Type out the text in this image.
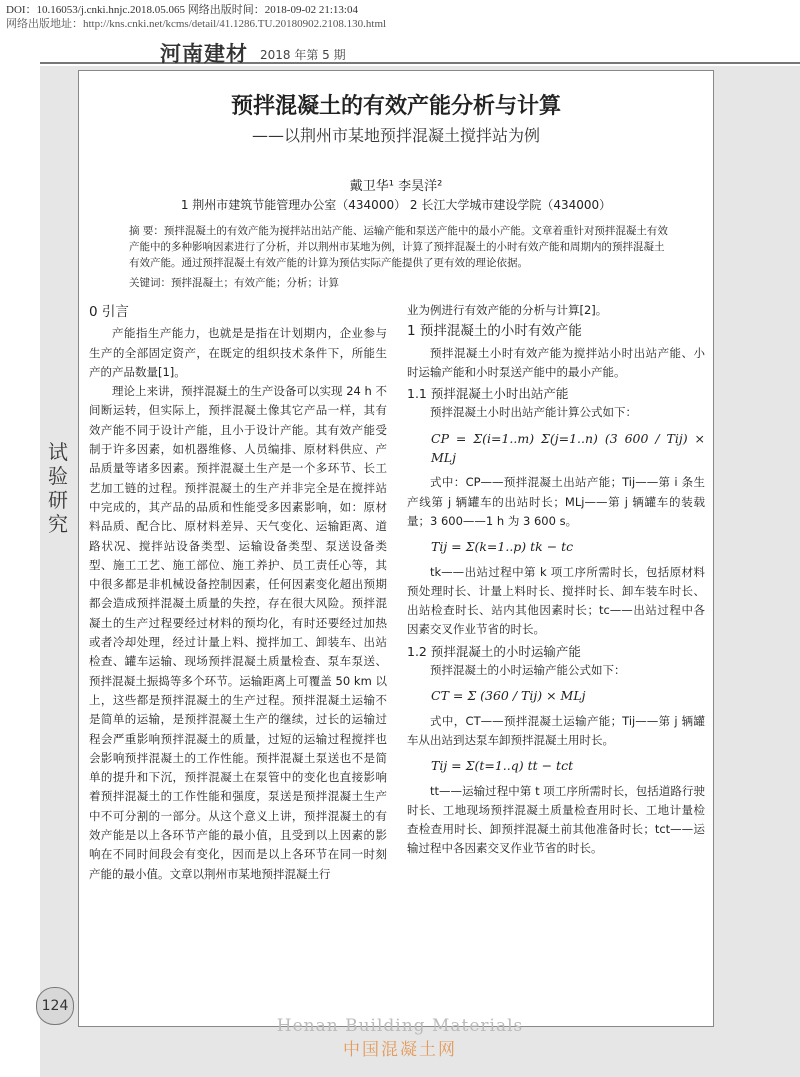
DOI：10.16053/j.cnki.hnjc.2018.05.065 网络出版时间：2018-09-02 21:13:04
网络出版地址：http://kns.cnki.net/kcms/detail/41.1286.TU.20180902.2108.130.html
河南建材 2018 年第 5 期
试验研究
预拌混凝土的有效产能分析与计算
——以荆州市某地预拌混凝土搅拌站为例
戴卫华¹ 李昊洋²
1 荆州市建筑节能管理办公室（434000） 2 长江大学城市建设学院（434000）
摘 要：预拌混凝土的有效产能为搅拌站出站产能、运输产能和泵送产能中的最小产能。文章着重针对预拌混凝土有效产能中的多种影响因素进行了分析，并以荆州市某地为例，计算了预拌混凝土的小时有效产能和周期内的预拌混凝土有效产能。通过预拌混凝土有效产能的计算为预估实际产能提供了更有效的理论依据。
关键词：预拌混凝土；有效产能；分析；计算
0 引言

产能指生产能力，也就是是指在计划期内，企业参与生产的全部固定资产，在既定的组织技术条件下，所能生产的产品数量[1]。

理论上来讲，预拌混凝土的生产设备可以实现 24 h 不间断运转，但实际上，预拌混凝土像其它产品一样，其有效产能不同于设计产能，且小于设计产能。其有效产能受制于许多因素，如机器维修、人员编排、原材料供应、产品质量等诸多因素。预拌混凝土生产是一个多环节、长工艺加工链的过程。预拌混凝土的生产并非完全是在搅拌站中完成的，其产品的品质和性能受多因素影响，如：原材料品质、配合比、原材料差异、天气变化、运输距离、道路状况、搅拌站设备类型、运输设备类型、泵送设备类型、施工工艺、施工部位、施工养护、员工责任心等，其中很多都是非机械设备控制因素，任何因素变化超出预期都会造成预拌混凝土质量的失控，存在很大风险。预拌混凝土的生产过程要经过材料的预均化，有时还要经过加热或者冷却处理，经过计量上料、搅拌加工、卸装车、出站检查、罐车运输、现场预拌混凝土质量检查、泵车泵送、预拌混凝土振捣等多个环节。运输距离上可覆盖 50 km 以上，这些都是预拌混凝土的生产过程。预拌混凝土运输不是简单的运输，是预拌混凝土生产的继续，过长的运输过程会严重影响预拌混凝土的质量，过短的运输过程搅拌也会影响预拌混凝土的工作性能。预拌混凝土泵送也不是简单的提升和下沉，预拌混凝土在泵管中的变化也直接影响着预拌混凝土的工作性能和强度，泵送是预拌混凝土生产中不可分割的一部分。从这个意义上讲，预拌混凝土的有效产能是以上各环节产能的最小值，且受到以上因素的影响在不同时间段会有变化，因而是以上各环节在同一时刻产能的最小值。文章以荆州市某地预拌混凝土行

业为例进行有效产能的分析与计算[2]。

1 预拌混凝土的小时有效产能

预拌混凝土小时有效产能为搅拌站小时出站产能、小时运输产能和小时泵送产能中的最小产能。

1.1 预拌混凝土小时出站产能

预拌混凝土小时出站产能计算公式如下：

CP = Σ(i=1..m) Σ(j=1..n) (3 600 / Tij) × MLj

式中：CP——预拌混凝土出站产能；Tij——第 i 条生产线第 j 辆罐车的出站时长；MLj——第 j 辆罐车的装载量；3 600——1 h 为 3 600 s。

Tij = Σ(k=1..p) tk − tc

tk——出站过程中第 k 项工序所需时长，包括原材料预处理时长、计量上料时长、搅拌时长、卸车装车时长、出站检查时长、站内其他因素时长；tc——出站过程中各因素交叉作业节省的时长。

1.2 预拌混凝土的小时运输产能

预拌混凝土的小时运输产能公式如下：

CT = Σ (360 / Tij) × MLj

式中，CT——预拌混凝土运输产能；Tij——第 j 辆罐车从出站到达泵车卸预拌混凝土用时长。

Tij = Σ(t=1..q) tt − tct

tt——运输过程中第 t 项工序所需时长，包括道路行驶时长、工地现场预拌混凝土质量检查用时长、工地计量检查检查用时长、卸预拌混凝土前其他准备时长；tct——运输过程中各因素交叉作业节省的时长。

124
Henan Building Materials
中国混凝土网
